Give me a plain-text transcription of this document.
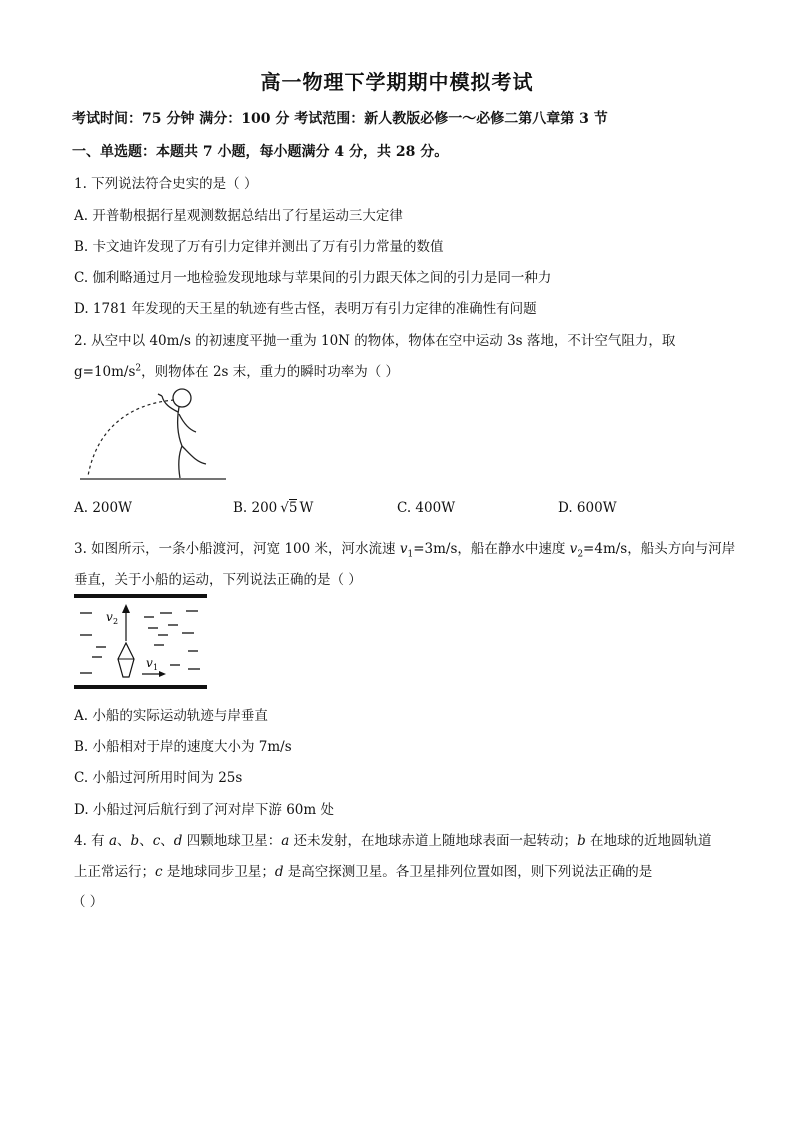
高一物理下学期期中模拟考试
考试时间：75 分钟 满分：100 分 考试范围：新人教版必修一～必修二第八章第 3 节
一、单选题：本题共 7 小题，每小题满分 4 分，共 28 分。
1. 下列说法符合史实的是（ ）
A. 开普勒根据行星观测数据总结出了行星运动三大定律
B. 卡文迪许发现了万有引力定律并测出了万有引力常量的数值
C. 伽利略通过月一地检验发现地球与苹果间的引力跟天体之间的引力是同一种力
D. 1781 年发现的天王星的轨迹有些古怪，表明万有引力定律的准确性有问题
2. 从空中以 40m/s 的初速度平抛一重为 10N 的物体，物体在空中运动 3s 落地，不计空气阻力，取
$g=10m/s^2$，则物体在 2s 末，重力的瞬时功率为（ ）
A. 200W	B. 200 √5 W	C. 400W	D. 600W
3. 如图所示，一条小船渡河，河宽 100 米，河水流速 $v_1=3m/s$，船在静水中速度 $v_2=4m/s$，船头方向与河岸
垂直，关于小船的运动，下列说法正确的是（ ）
v 2
v 1
A. 小船的实际运动轨迹与岸垂直
B. 小船相对于岸的速度大小为 7m/s
C. 小船过河所用时间为 25s
D. 小船过河后航行到了河对岸下游 60m 处
4. 有 a、b、c、d 四颗地球卫星：a 还未发射，在地球赤道上随地球表面一起转动；b 在地球的近地圆轨道
上正常运行；c 是地球同步卫星；d 是高空探测卫星。各卫星排列位置如图，则下列说法正确的是
（ ）
